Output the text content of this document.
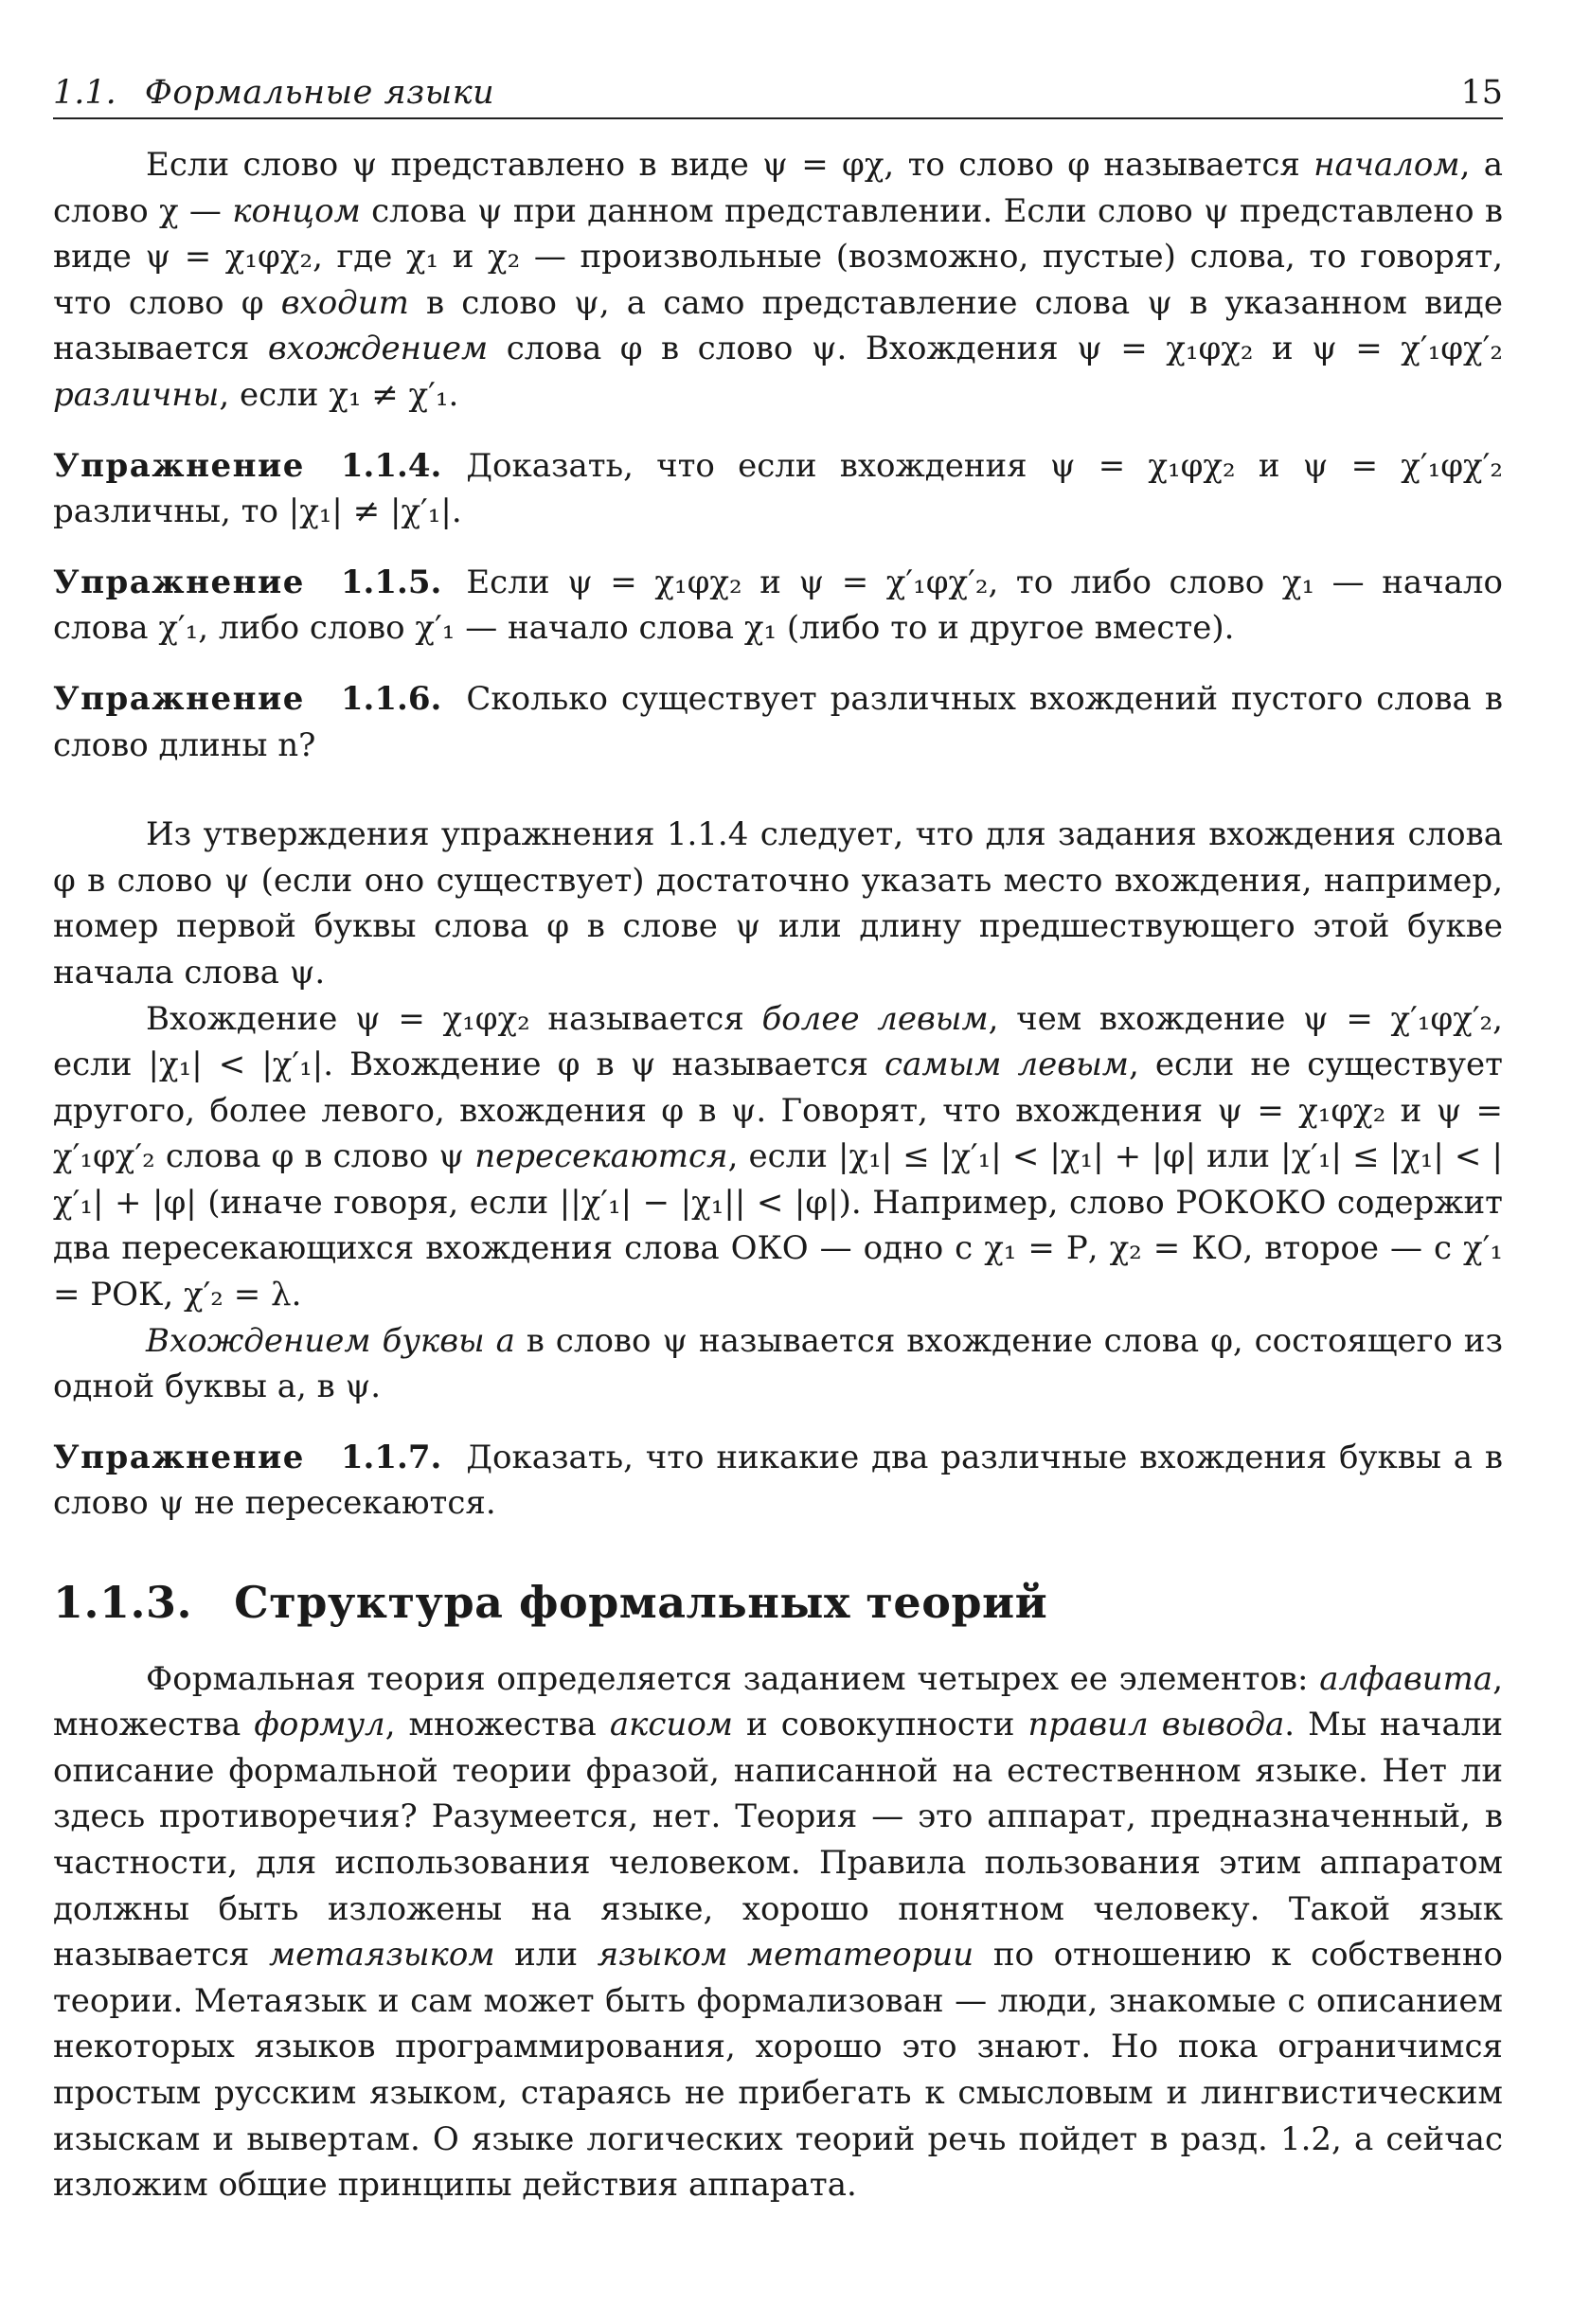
1.1. Формальные языки	15

Если слово ψ представлено в виде ψ = φχ, то слово φ называется началом, а слово χ — концом слова ψ при данном представлении. Если слово ψ представлено в виде ψ = χ₁φχ₂, где χ₁ и χ₂ — произвольные (возможно, пустые) слова, то говорят, что слово φ входит в слово ψ, а само представление слова ψ в указанном виде называется вхождением слова φ в слово ψ. Вхождения ψ = χ₁φχ₂ и ψ = χ′₁φχ′₂ различны, если χ₁ ≠ χ′₁.

Упражнение 1.1.4. Доказать, что если вхождения ψ = χ₁φχ₂ и ψ = χ′₁φχ′₂ различны, то |χ₁| ≠ |χ′₁|.

Упражнение 1.1.5. Если ψ = χ₁φχ₂ и ψ = χ′₁φχ′₂, то либо слово χ₁ — начало слова χ′₁, либо слово χ′₁ — начало слова χ₁ (либо то и другое вместе).

Упражнение 1.1.6. Сколько существует различных вхождений пустого слова в слово длины n?

Из утверждения упражнения 1.1.4 следует, что для задания вхождения слова φ в слово ψ (если оно существует) достаточно указать место вхождения, например, номер первой буквы слова φ в слове ψ или длину предшествующего этой букве начала слова ψ.

Вхождение ψ = χ₁φχ₂ называется более левым, чем вхождение ψ = χ′₁φχ′₂, если |χ₁| < |χ′₁|. Вхождение φ в ψ называется самым левым, если не существует другого, более левого, вхождения φ в ψ. Говорят, что вхождения ψ = χ₁φχ₂ и ψ = χ′₁φχ′₂ слова φ в слово ψ пересекаются, если |χ₁| ≤ |χ′₁| < |χ₁| + |φ| или |χ′₁| ≤ |χ₁| < |χ′₁| + |φ| (иначе говоря, если ||χ′₁| − |χ₁|| < |φ|). Например, слово РОКОКО содержит два пересекающихся вхождения слова ОКО — одно с χ₁ = Р, χ₂ = КО, второе — с χ′₁ = РОК, χ′₂ = λ.

Вхождением буквы a в слово ψ называется вхождение слова φ, состоящего из одной буквы a, в ψ.

Упражнение 1.1.7. Доказать, что никакие два различные вхождения буквы a в слово ψ не пересекаются.

1.1.3. Структура формальных теорий

Формальная теория определяется заданием четырех ее элементов: алфавита, множества формул, множества аксиом и совокупности правил вывода. Мы начали описание формальной теории фразой, написанной на естественном языке. Нет ли здесь противоречия? Разумеется, нет. Теория — это аппарат, предназначенный, в частности, для использования человеком. Правила пользования этим аппаратом должны быть изложены на языке, хорошо понятном человеку. Такой язык называется метаязыком или языком метатеории по отношению к собственно теории. Метаязык и сам может быть формализован — люди, знакомые с описанием некоторых языков программирования, хорошо это знают. Но пока ограничимся простым русским языком, стараясь не прибегать к смысловым и лингвистическим изыскам и вывертам. О языке логических теорий речь пойдет в разд. 1.2, а сейчас изложим общие принципы действия аппарата.
